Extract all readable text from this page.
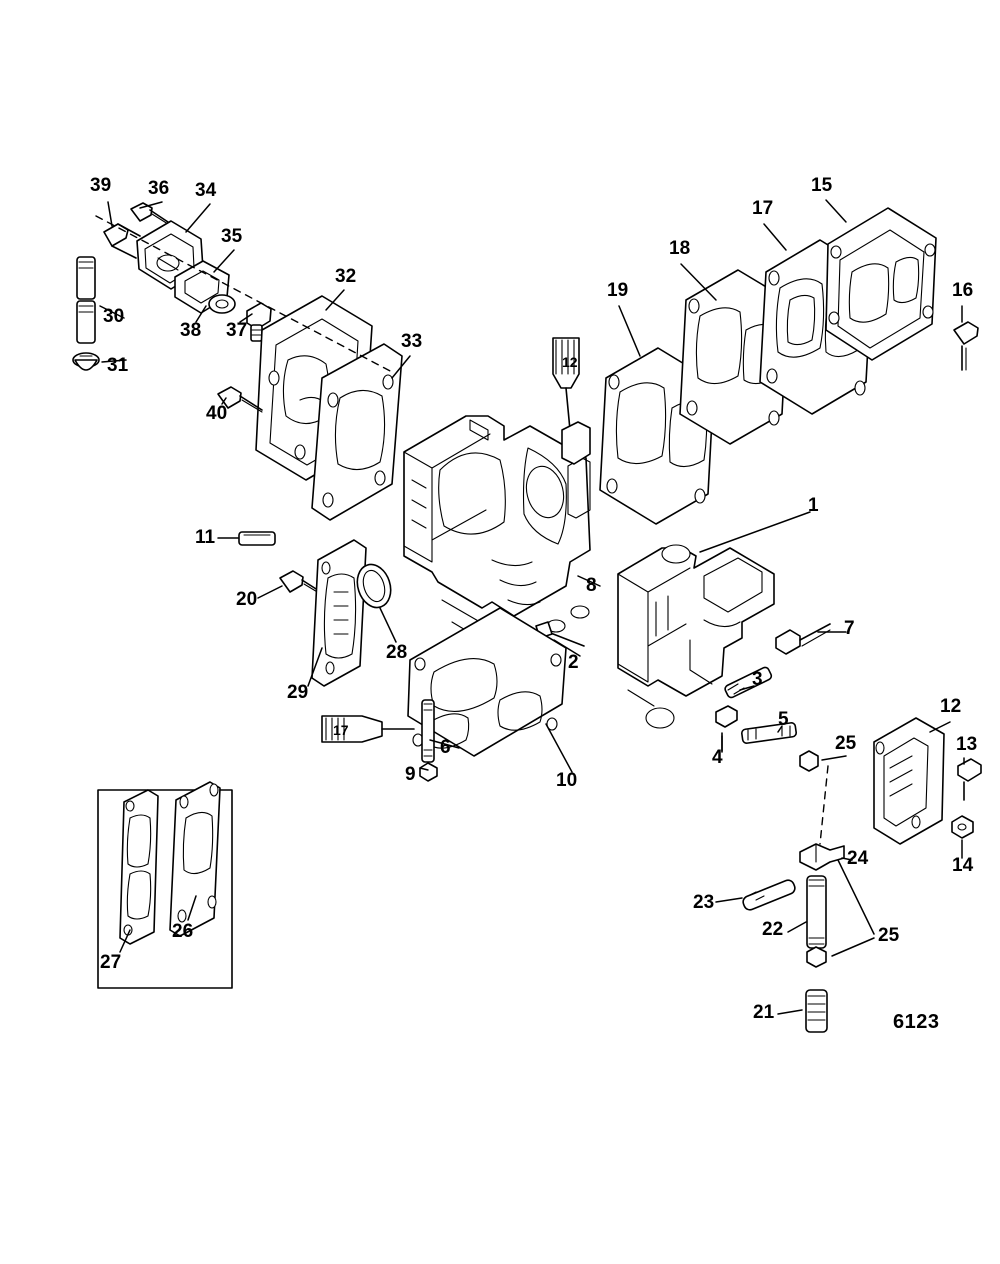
1
2
3
4
5
6
7
8
9	10
11
12
13
14
15
16
17
18
19
20
21
22
23
24
25
25
26
27
28
29
30
31
32
33
34
35
36
37
38
39
40
12
17
6123
